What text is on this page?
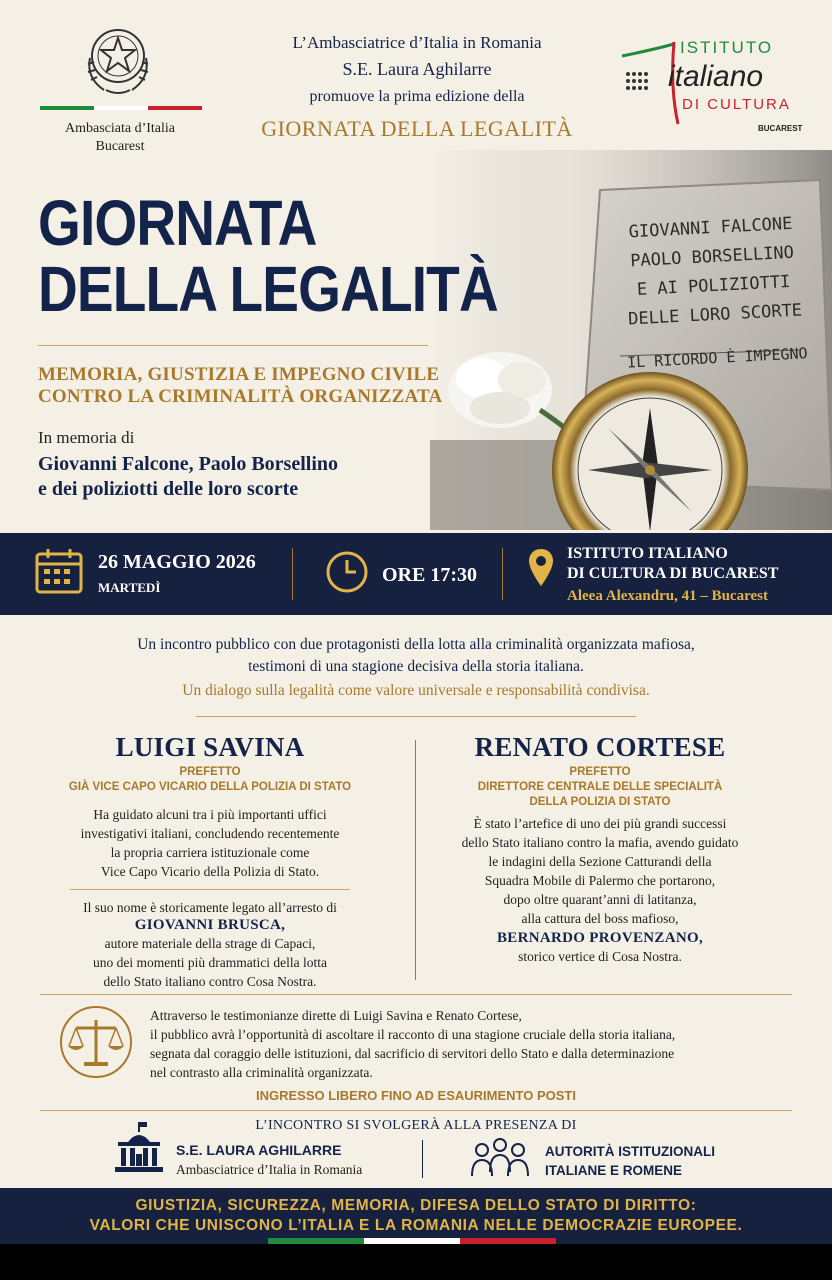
Ambasciata d’Italia
Bucarest
L’Ambasciatrice d’Italia in Romania
S.E. Laura Aghilarre
promuove la prima edizione della
GIORNATA DELLA LEGALITÀ
ISTITUTO
italiano
DI CULTURA
BUCAREST
GIOVANNI FALCONE
PAOLO BORSELLINO
E AI POLIZIOTTI
DELLE LORO SCORTE
IL RICORDO È IMPEGNO
GIORNATA
DELLA LEGALITÀ
MEMORIA, GIUSTIZIA E IMPEGNO CIVILE
CONTRO LA CRIMINALITÀ ORGANIZZATA
In memoria di
Giovanni Falcone, Paolo Borsellino
e dei poliziotti delle loro scorte
26 MAGGIO 2026
MARTEDÌ
ORE 17:30
ISTITUTO ITALIANO
DI CULTURA DI BUCAREST
Aleea Alexandru, 41 – Bucarest
Un incontro pubblico con due protagonisti della lotta alla criminalità organizzata mafiosa,
testimoni di una stagione decisiva della storia italiana.
Un dialogo sulla legalità come valore universale e responsabilità condivisa.
LUIGI SAVINA
PREFETTO
GIÀ VICE CAPO VICARIO DELLA POLIZIA DI STATO
Ha guidato alcuni tra i più importanti uffici
investigativi italiani, concludendo recentemente
la propria carriera istituzionale come
Vice Capo Vicario della Polizia di Stato.
Il suo nome è storicamente legato all’arresto di
GIOVANNI BRUSCA,
autore materiale della strage di Capaci,
uno dei momenti più drammatici della lotta
dello Stato italiano contro Cosa Nostra.
RENATO CORTESE
PREFETTO
DIRETTORE CENTRALE DELLE SPECIALITÀ
DELLA POLIZIA DI STATO
È stato l’artefice di uno dei più grandi successi
dello Stato italiano contro la mafia, avendo guidato
le indagini della Sezione Catturandi della
Squadra Mobile di Palermo che portarono,
dopo oltre quarant’anni di latitanza,
alla cattura del boss mafioso,
BERNARDO PROVENZANO,
storico vertice di Cosa Nostra.
Attraverso le testimonianze dirette di Luigi Savina e Renato Cortese,
il pubblico avrà l’opportunità di ascoltare il racconto di una stagione cruciale della storia italiana,
segnata dal coraggio delle istituzioni, dal sacrificio di servitori dello Stato e dalla determinazione
nel contrasto alla criminalità organizzata.
INGRESSO LIBERO FINO AD ESAURIMENTO POSTI
L’INCONTRO SI SVOLGERÀ ALLA PRESENZA DI
S.E. LAURA AGHILARRE
Ambasciatrice d’Italia in Romania
AUTORITÀ ISTITUZIONALI
ITALIANE E ROMENE
GIUSTIZIA, SICUREZZA, MEMORIA, DIFESA DELLO STATO DI DIRITTO:
VALORI CHE UNISCONO L’ITALIA E LA ROMANIA NELLE DEMOCRAZIE EUROPEE.
